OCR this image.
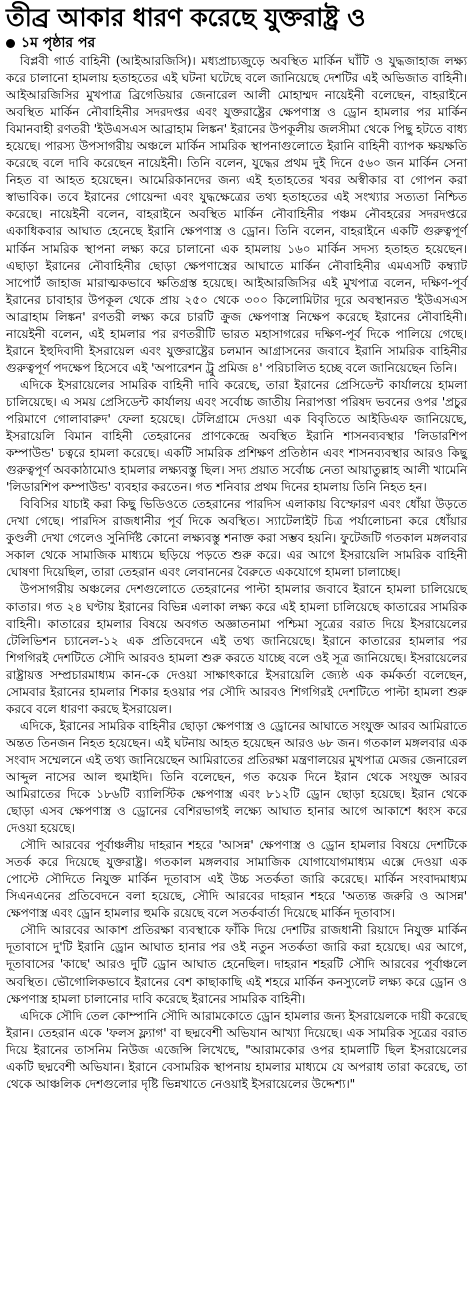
তীব্র আকার ধারণ করেছে যুক্তরাষ্ট্র ও
১ম পৃষ্ঠার পর

বিপ্লবী গার্ড বাহিনী (আইআরজিসি)। মধ্যপ্রাচ্যজুড়ে অবস্থিত মার্কিন ঘাঁটি ও যুদ্ধজাহাজ লক্ষ্য করে চালানো হামলায় হতাহতের এই ঘটনা ঘটেছে বলে জানিয়েছে দেশটির এই অভিজাত বাহিনী। আইআরজিসির মুখপাত্র ব্রিগেডিয়ার জেনারেল আলী মোহাম্মদ নায়েইনী বলেছেন, বাহরাইনে অবস্থিত মার্কিন নৌবাহিনীর সদরদপ্তর এবং যুক্তরাষ্ট্রের ক্ষেপণাস্ত্র ও ড্রোন হামলার পর মার্কিন বিমানবাহী রণতরী 'ইউএসএস আব্রাহাম লিঙ্কন' ইরানের উপকূলীয় জলসীমা থেকে পিছু হটতে বাধ্য হয়েছে। পারস্য উপসাগরীয় অঞ্চলে মার্কিন সামরিক স্থাপনাগুলোতে ইরানি বাহিনী ব্যাপক ক্ষয়ক্ষতি করেছে বলে দাবি করেছেন নায়েইনী। তিনি বলেন, যুদ্ধের প্রথম দুই দিনে ৫৬০ জন মার্কিন সেনা নিহত বা আহত হয়েছেন। আমেরিকানদের জন্য এই হতাহতের খবর অস্বীকার বা গোপন করা স্বাভাবিক। তবে ইরানের গোয়েন্দা এবং যুদ্ধক্ষেত্রের তথ্য হতাহতের এই সংখ্যার সত্যতা নিশ্চিত করেছে। নায়েইনী বলেন, বাহরাইনে অবস্থিত মার্কিন নৌবাহিনীর পঞ্চম নৌবহরের সদরদপ্তরে একাধিকবার আঘাত হেনেছে ইরানি ক্ষেপণাস্ত্র ও ড্রোন। তিনি বলেন, বাহরাইনে একটি গুরুত্বপূর্ণ মার্কিন সামরিক স্থাপনা লক্ষ্য করে চালানো এক হামলায় ১৬০ মার্কিন সদস্য হতাহত হয়েছেন। এছাড়া ইরানের নৌবাহিনীর ছোড়া ক্ষেপণাস্ত্রের আঘাতে মার্কিন নৌবাহিনীর এমএসটি কম্ব্যাট সাপোর্ট জাহাজ মারাত্মকভাবে ক্ষতিগ্রস্ত হয়েছে। আইআরজিসির এই মুখপাত্র বলেন, দক্ষিণ-পূর্ব ইরানের চাবাহার উপকূল থেকে প্রায় ২৫০ থেকে ৩০০ কিলোমিটার দূরে অবস্থানরত 'ইউএসএস আব্রাহাম লিঙ্কন' রণতরী লক্ষ্য করে চারটি ক্রুজ ক্ষেপণাস্ত্র নিক্ষেপ করেছে ইরানের নৌবাহিনী। নায়েইনী বলেন, এই হামলার পর রণতরীটি ভারত মহাসাগরের দক্ষিণ-পূর্ব দিকে পালিয়ে গেছে। ইরানে ইহুদিবাদী ইসরায়েল এবং যুক্তরাষ্ট্রের চলমান আগ্রাসনের জবাবে ইরানি সামরিক বাহিনীর গুরুত্বপূর্ণ পদক্ষেপ হিসেবে এই 'অপারেশন ট্রু প্রমিজ ৪' পরিচালিত হচ্ছে বলে জানিয়েছেন তিনি।

এদিকে ইসরায়েলের সামরিক বাহিনী দাবি করেছে, তারা ইরানের প্রেসিডেন্ট কার্যালয়ে হামলা চালিয়েছে। এ সময় প্রেসিডেন্ট কার্যালয় এবং সর্বোচ্চ জাতীয় নিরাপত্তা পরিষদ ভবনের ওপর 'প্রচুর পরিমাণে গোলাবারুদ' ফেলা হয়েছে। টেলিগ্রামে দেওয়া এক বিবৃতিতে আইডিএফ জানিয়েছে, ইসরায়েলি বিমান বাহিনী তেহরানের প্রাণকেন্দ্রে অবস্থিত ইরানি শাসনব্যবস্থার 'লিডারশিপ কম্পাউন্ড' চত্বরে হামলা করেছে। একটি সামরিক প্রশিক্ষণ প্রতিষ্ঠান এবং শাসনব্যবস্থার আরও কিছু গুরুত্বপূর্ণ অবকাঠামোও হামলার লক্ষ্যবস্তু ছিল। সদ্য প্রয়াত সর্বোচ্চ নেতা আয়াতুল্লাহ আলী খামেনি 'লিডারশিপ কম্পাউন্ড' ব্যবহার করতেন। গত শনিবার প্রথম দিনের হামলায় তিনি নিহত হন।

বিবিসির যাচাই করা কিছু ভিডিওতে তেহরানের পারদিস এলাকায় বিস্ফোরণ এবং ধোঁয়া উড়তে দেখা গেছে। পারদিস রাজধানীর পূর্ব দিকে অবস্থিত। স্যাটেলাইট চিত্র পর্যালোচনা করে ধোঁয়ার কুণ্ডলী দেখা গেলেও সুনির্দিষ্ট কোনো লক্ষ্যবস্তু শনাক্ত করা সম্ভব হয়নি। ফুটেজটি গতকাল মঙ্গলবার সকাল থেকে সামাজিক মাধ্যমে ছড়িয়ে পড়তে শুরু করে। এর আগে ইসরায়েলি সামরিক বাহিনী ঘোষণা দিয়েছিল, তারা তেহরান এবং লেবাননের বৈরুতে একযোগে হামলা চালাচ্ছে।

উপসাগরীয় অঞ্চলের দেশগুলোতে তেহরানের পাল্টা হামলার জবাবে ইরানে হামলা চালিয়েছে কাতার। গত ২৪ ঘণ্টায় ইরানের বিভিন্ন এলাকা লক্ষ্য করে এই হামলা চালিয়েছে কাতারের সামরিক বাহিনী। কাতারের হামলার বিষয়ে অবগত অজ্ঞাতনামা পশ্চিমা সূত্রের বরাত দিয়ে ইসরায়েলের টেলিভিশন চ্যানেল-১২ এক প্রতিবেদনে এই তথ্য জানিয়েছে। ইরানে কাতারের হামলার পর শিগগিরই দেশটিতে সৌদি আরবও হামলা শুরু করতে যাচ্ছে বলে ওই সূত্র জানিয়েছে। ইসরায়েলের রাষ্ট্রায়ত্ত সম্প্রচারমাধ্যম কান-কে দেওয়া সাক্ষাৎকারে ইসরায়েলি জ্যেষ্ঠ এক কর্মকর্তা বলেছেন, সোমবার ইরানের হামলার শিকার হওয়ার পর সৌদি আরবও শিগগিরই দেশটিতে পাল্টা হামলা শুরু করবে বলে ধারণা করছে ইসরায়েল।

এদিকে, ইরানের সামরিক বাহিনীর ছোড়া ক্ষেপণাস্ত্র ও ড্রোনের আঘাতে সংযুক্ত আরব আমিরাতে অন্তত তিনজন নিহত হয়েছেন। এই ঘটনায় আহত হয়েছেন আরও ৬৮ জন। গতকাল মঙ্গলবার এক সংবাদ সম্মেলনে এই তথ্য জানিয়েছেন আমিরাতের প্রতিরক্ষা মন্ত্রণালয়ের মুখপাত্র মেজর জেনারেল আব্দুল নাসের আল হুমাইদি। তিনি বলেছেন, গত কয়েক দিনে ইরান থেকে সংযুক্ত আরব আমিরাতের দিকে ১৮৬টি ব্যালিস্টিক ক্ষেপণাস্ত্র এবং ৮১২টি ড্রোন ছোড়া হয়েছে। ইরান থেকে ছোড়া এসব ক্ষেপণাস্ত্র ও ড্রোনের বেশিরভাগই লক্ষ্যে আঘাত হানার আগে আকাশে ধ্বংস করে দেওয়া হয়েছে।

সৌদি আরবের পূর্বাঞ্চলীয় দাহরান শহরে 'আসন্ন' ক্ষেপণাস্ত্র ও ড্রোন হামলার বিষয়ে দেশটিকে সতর্ক করে দিয়েছে যুক্তরাষ্ট্র। গতকাল মঙ্গলবার সামাজিক যোগাযোগমাধ্যম এক্সে দেওয়া এক পোস্টে সৌদিতে নিযুক্ত মার্কিন দূতাবাস এই উচ্চ সতর্কতা জারি করেছে। মার্কিন সংবাদমাধ্যম সিএনএনের প্রতিবেদনে বলা হয়েছে, সৌদি আরবের দাহরান শহরে 'অত্যন্ত জরুরি ও আসন্ন' ক্ষেপণাস্ত্র এবং ড্রোন হামলার হুমকি রয়েছে বলে সতর্কবার্তা দিয়েছে মার্কিন দূতাবাস।

সৌদি আরবের আকাশ প্রতিরক্ষা ব্যবস্থাকে ফাঁকি দিয়ে দেশটির রাজধানী রিয়াদে নিযুক্ত মার্কিন দূতাবাসে দু'টি ইরানি ড্রোন আঘাত হানার পর ওই নতুন সতর্কতা জারি করা হয়েছে। এর আগে, দূতাবাসের 'কাছে' আরও দুটি ড্রোন আঘাত হেনেছিল। দাহরান শহরটি সৌদি আরবের পূর্বাঞ্চলে অবস্থিত। ভৌগোলিকভাবে ইরানের বেশ কাছাকাছি এই শহরে মার্কিন কনস্যুলেট লক্ষ্য করে ড্রোন ও ক্ষেপণাস্ত্র হামলা চালানোর দাবি করেছে ইরানের সামরিক বাহিনী।

এদিকে সৌদি তেল কোম্পানি সৌদি আরামকোতে ড্রোন হামলার জন্য ইসরায়েলকে দায়ী করেছে ইরান। তেহরান একে 'ফলস ফ্ল্যাগ' বা ছদ্মবেশী অভিযান আখ্যা দিয়েছে। এক সামরিক সূত্রের বরাত দিয়ে ইরানের তাসনিম নিউজ এজেন্সি লিখেছে, "আরামকোর ওপর হামলাটি ছিল ইসরায়েলের একটি ছদ্মবেশী অভিযান। ইরানে বেসামরিক স্থাপনায় হামলার মাধ্যমে যে অপরাধ তারা করেছে, তা থেকে আঞ্চলিক দেশগুলোর দৃষ্টি ভিন্নখাতে নেওয়াই ইসরায়েলের উদ্দেশ্য।"
